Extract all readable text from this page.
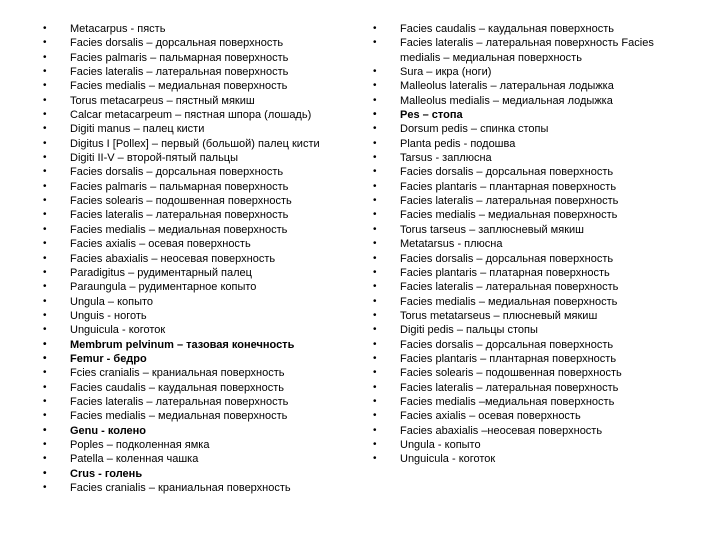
• Metacarpus - пясть
• Facies dorsalis – дорсальная поверхность
• Facies palmaris – пальмарная поверхность
• Facies lateralis – латеральная поверхность
• Facies medialis – медиальная поверхность
• Torus metacarpeus – пястный мякиш
• Calcar metacarpeum – пястная шпора (лошадь)
• Digiti manus – палец кисти
• Digitus I [Pollex] – первый (большой) палец кисти
• Digiti II-V – второй-пятый пальцы
• Facies dorsalis – дорсальная поверхность
• Facies palmaris – пальмарная поверхность
• Facies solearis – подошвенная поверхность
• Facies lateralis – латеральная поверхность
• Facies medialis – медиальная поверхность
• Facies axialis – осевая поверхность
• Facies abaxialis – неосевая поверхность
• Paradigitus – рудиментарный палец
• Paraungula – рудиментарное копыто
• Ungula – копыто
• Unguis - ноготь
• Unguicula - коготок
• Membrum pelvinum – тазовая конечность
• Femur - бедро
• Fcies cranialis – краниальная поверхность
• Facies caudalis – каудальная поверхность
• Facies lateralis – латеральная поверхность
• Facies medialis – медиальная поверхность
• Genu - колено
• Poples – подколенная ямка
• Patella – коленная чашка
• Crus - голень
• Facies cranialis – краниальная поверхность
• Facies caudalis – каудальная поверхность
• Facies lateralis – латеральная поверхность Facies medialis – медиальная поверхность
• Sura – икра (ноги)
• Malleolus lateralis – латеральная лодыжка
• Malleolus medialis – медиальная лодыжка
• Pes – стопа
• Dorsum pedis – спинка стопы
• Planta pedis - подошва
• Tarsus - заплюсна
• Facies dorsalis – дорсальная поверхность
• Facies plantaris – плантарная поверхность
• Facies lateralis – латеральная поверхность
• Facies medialis – медиальная поверхность
• Torus tarseus – заплюсневый мякиш
• Metatarsus - плюсна
• Facies dorsalis – дорсальная поверхность
• Facies plantaris – платарная поверхность
• Facies lateralis – латеральная поверхность
• Facies medialis – медиальная поверхность
• Torus metatarseus – плюсневый мякиш
• Digiti pedis – пальцы стопы
• Facies dorsalis – дорсальная поверхность
• Facies plantaris – плантарная поверхность
• Facies solearis – подошвенная поверхность
• Facies lateralis – латеральная поверхность
• Facies medialis –медиальная поверхность
• Facies axialis – осевая поверхность
• Facies abaxialis –неосевая поверхность
• Ungula - копыто
• Unguicula - коготок
